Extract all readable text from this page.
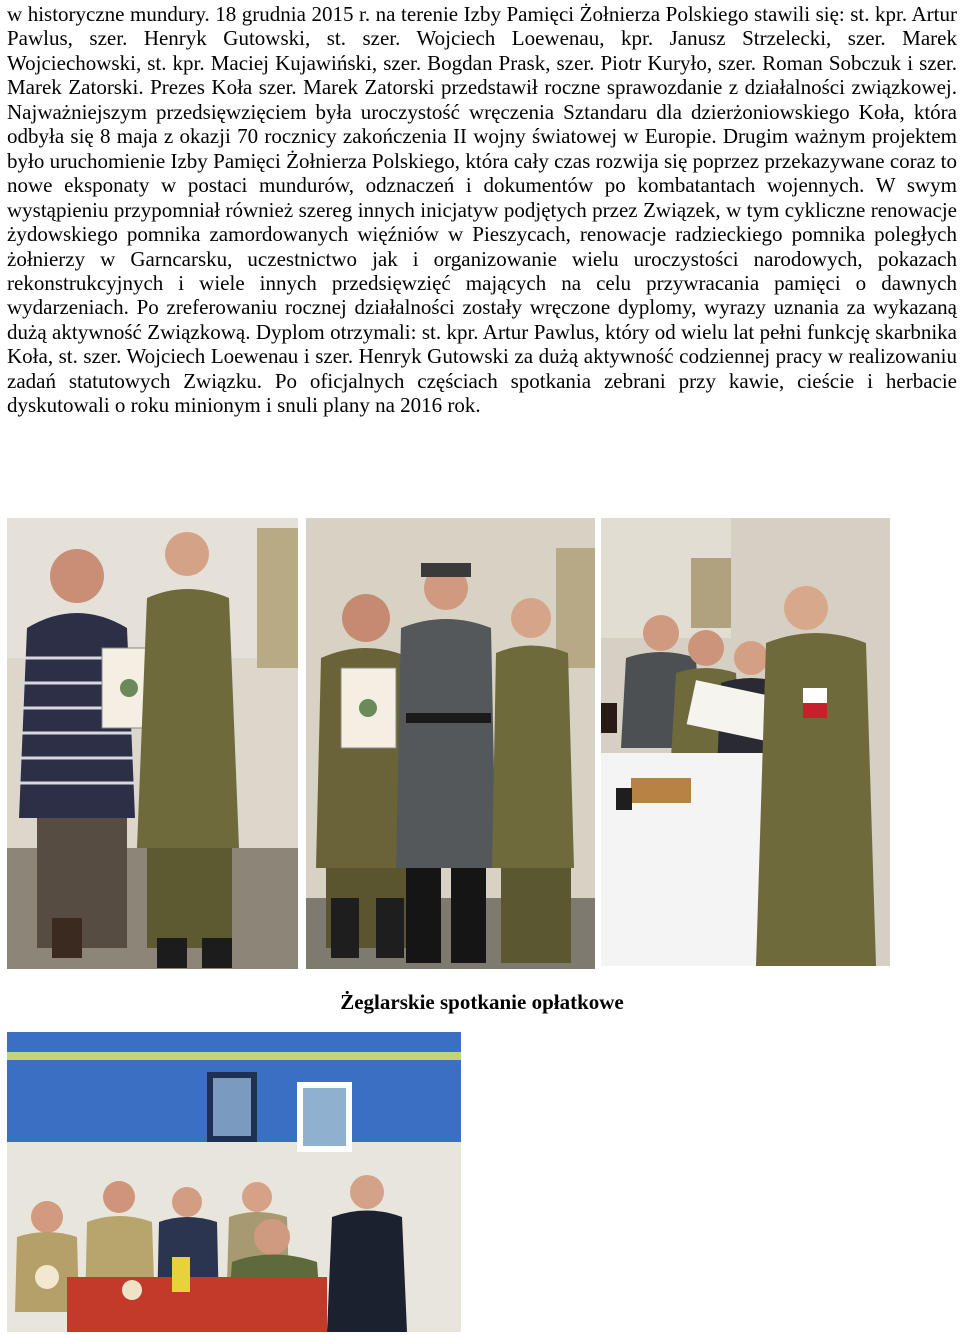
w historyczne mundury. 18 grudnia 2015 r. na terenie Izby Pamięci Żołnierza Polskiego stawili się: st. kpr. Artur Pawlus, szer. Henryk Gutowski, st. szer. Wojciech Loewenau, kpr. Janusz Strzelecki, szer. Marek Wojciechowski, st. kpr. Maciej Kujawiński, szer. Bogdan Prask, szer. Piotr Kuryło, szer. Roman Sobczuk i szer. Marek Zatorski. Prezes Koła szer. Marek Zatorski przedstawił roczne sprawozdanie z działalności związkowej. Najważniejszym przedsięwzięciem była uroczystość wręczenia Sztandaru dla dzierżoniowskiego Koła, która odbyła się 8 maja z okazji 70 rocznicy zakończenia II wojny światowej w Europie. Drugim ważnym projektem było uruchomienie Izby Pamięci Żołnierza Polskiego, która cały czas rozwija się poprzez przekazywane coraz to nowe eksponaty w postaci mundurów, odznaczeń i dokumentów po kombatantach wojennych. W swym wystąpieniu przypomniał również szereg innych inicjatyw podjętych przez Związek, w tym cykliczne renowacje żydowskiego pomnika zamordowanych więźniów w Pieszycach, renowacje radzieckiego pomnika poległych żołnierzy w Garncarsku, uczestnictwo jak i organizowanie wielu uroczystości narodowych, pokazach rekonstrukcyjnych i wiele innych przedsięwzięć mających na celu przywracania pamięci o dawnych wydarzeniach. Po zreferowaniu rocznej działalności zostały wręczone dyplomy, wyrazy uznania za wykazaną dużą aktywność Związkową. Dyplom otrzymali: st. kpr. Artur Pawlus, który od wielu lat pełni funkcję skarbnika Koła, st. szer. Wojciech Loewenau i szer. Henryk Gutowski za dużą aktywność codziennej pracy w realizowaniu zadań statutowych Związku. Po oficjalnych częściach spotkania zebrani przy kawie, cieście i herbacie dyskutowali o roku minionym i snuli plany na 2016 rok.

Żeglarskie spotkanie opłatkowe
